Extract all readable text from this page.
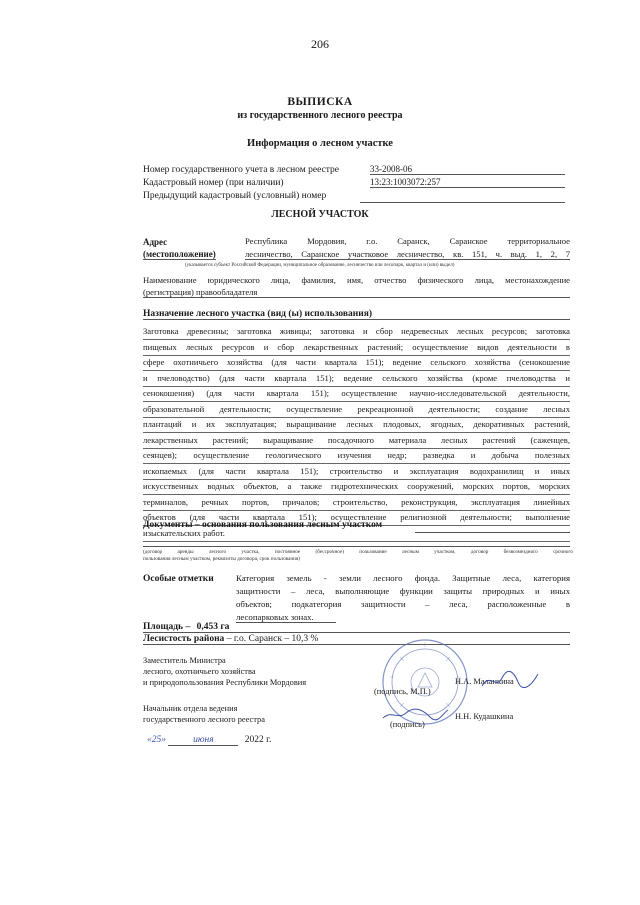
206
ВЫПИСКА
из государственного лесного реестра
Информация о лесном участке
Номер государственного учета в лесном реестре	33-2008-06
Кадастровый номер (при наличии)	13:23:1003072:257
Предыдущий кадастровый (условный) номер
ЛЕСНОЙ УЧАСТОК
Адрес
(местоположение)
Республика Мордовия, г.о. Саранск, Саранское территориальное
лесничество, Саранское участковое лесничество, кв. 151, ч. выд. 1, 2, 7
(указывается субъект Российской Федерации, муниципальное образование, лесничество или лесопарк, квартал и (или) выдел)
Наименование юридического лица, фамилия, имя, отчество физического лица, местонахождение
(регистрация) правообладателя
Назначение лесного участка (вид (ы) использования)
Заготовка древесины; заготовка живицы; заготовка и сбор недревесных лесных ресурсов; заготовка
пищевых лесных ресурсов и сбор лекарственных растений; осуществление видов деятельности в
сфере охотничьего хозяйства (для части квартала 151); ведение сельского хозяйства (сенокошение
и пчеловодство) (для части квартала 151); ведение сельского хозяйства (кроме пчеловодства и
сенокошения) (для части квартала 151); осуществление научно-исследовательской деятельности,
образовательной деятельности; осуществление рекреационной деятельности; создание лесных
плантаций и их эксплуатация; выращивание лесных плодовых, ягодных, декоративных растений,
лекарственных растений; выращивание посадочного материала лесных растений (саженцев,
сеянцев); осуществление геологического изучения недр; разведка и добыча полезных
ископаемых (для части квартала 151); строительство и эксплуатация водохранилищ и иных
искусственных водных объектов, а также гидротехнических сооружений, морских портов, морских
терминалов, речных портов, причалов; строительство, реконструкция, эксплуатация линейных
объектов (для части квартала 151); осуществление религиозной деятельности; выполнение
изыскательских работ.
Документы – основания пользования лесным участком
(договор аренды лесного участка, постоянное (бессрочное) пользование лесным участком, договор безвозмездного срочного
пользования лесным участком, реквизиты договора, срок пользования)
Особые отметки	Категория земель - земли лесного фонда. Защитные леса, категория
защитности – леса, выполняющие функции защиты природных и иных
объектов; подкатегория защитности – леса, расположенные в
лесопарковых зонах.
Площадь – 0,453 га
Лесистость района – г.о. Саранск – 10,3 %
Заместитель Министра
лесного, охотничьего хозяйства
и природопользования Республики Мордовия
(подпись, М.П.)
Н.А. Маланкина
Начальник отдела ведения
государственного лесного реестра
(подпись)
Н.Н. Кудашкина
«25»	июня	2022 г.
